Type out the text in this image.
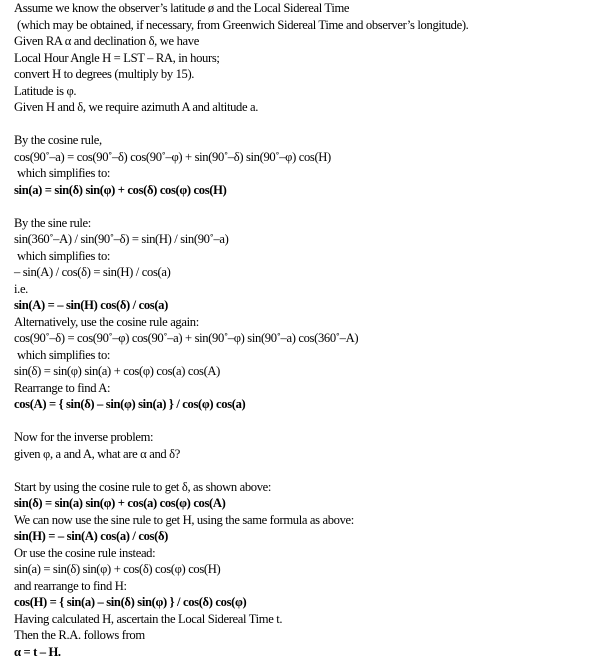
Assume we know the observer’s latitude ø and the Local Sidereal Time
(which may be obtained, if necessary, from Greenwich Sidereal Time and observer’s longitude).
Given RA α and declination δ, we have
Local Hour Angle H = LST – RA, in hours;
convert H to degrees (multiply by 15).
Latitude is φ.
Given H and δ, we require azimuth A and altitude a.
By the cosine rule,
cos(90˚–a) = cos(90˚–δ) cos(90˚–φ) + sin(90˚–δ) sin(90˚–φ) cos(H)
which simplifies to:
sin(a) = sin(δ) sin(φ) + cos(δ) cos(φ) cos(H)
By the sine rule:
sin(360˚–A) / sin(90˚–δ) = sin(H) / sin(90˚–a)
which simplifies to:
– sin(A) / cos(δ) = sin(H) / cos(a)
i.e.
sin(A) = – sin(H) cos(δ) / cos(a)
Alternatively, use the cosine rule again:
cos(90˚–δ) = cos(90˚–φ) cos(90˚–a) + sin(90˚–φ) sin(90˚–a) cos(360˚–A)
which simplifies to:
sin(δ) = sin(φ) sin(a) + cos(φ) cos(a) cos(A)
Rearrange to find A:
cos(A) = { sin(δ) – sin(φ) sin(a) } / cos(φ) cos(a)
Now for the inverse problem:
given φ, a and A, what are α and δ?
Start by using the cosine rule to get δ, as shown above:
sin(δ) = sin(a) sin(φ) + cos(a) cos(φ) cos(A)
We can now use the sine rule to get H, using the same formula as above:
sin(H) = – sin(A) cos(a) / cos(δ)
Or use the cosine rule instead:
sin(a) = sin(δ) sin(φ) + cos(δ) cos(φ) cos(H)
and rearrange to find H:
cos(H) = { sin(a) – sin(δ) sin(φ) } / cos(δ) cos(φ)
Having calculated H, ascertain the Local Sidereal Time t.
Then the R.A. follows from
α = t – H.
